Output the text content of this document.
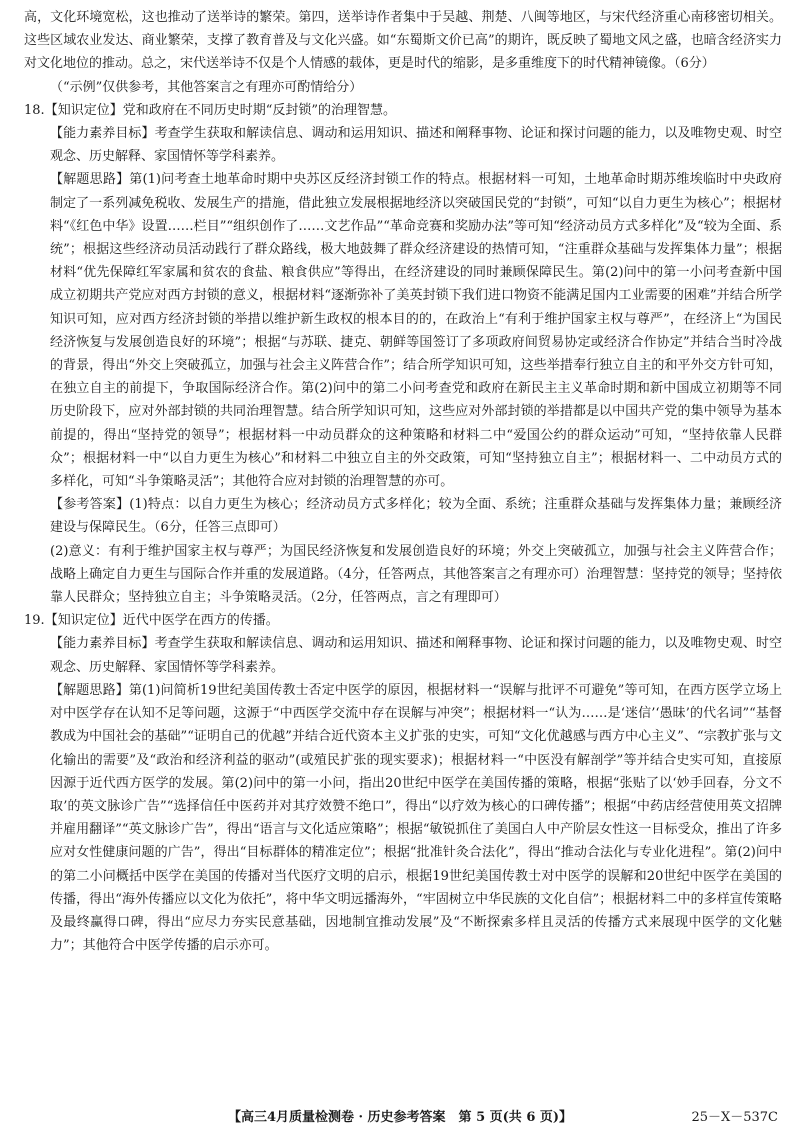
高，文化环境宽松，这也推动了送举诗的繁荣。第四，送举诗作者集中于吴越、荆楚、八闽等地区，与宋代经济重心南移密切相关。这些区域农业发达、商业繁荣，支撑了教育普及与文化兴盛。如“东蜀斯文价已高”的期许，既反映了蜀地文风之盛，也暗含经济实力对文化地位的推动。总之，宋代送举诗不仅是个人情感的载体，更是时代的缩影，是多重维度下的时代精神镜像。（6分）

（“示例”仅供参考，其他答案言之有理亦可酌情给分）

18.【知识定位】党和政府在不同历史时期“反封锁”的治理智慧。

【能力素养目标】考查学生获取和解读信息、调动和运用知识、描述和阐释事物、论证和探讨问题的能力，以及唯物史观、时空观念、历史解释、家国情怀等学科素养。

【解题思路】第(1)问考查土地革命时期中央苏区反经济封锁工作的特点。根据材料一可知，土地革命时期苏维埃临时中央政府制定了一系列减免税收、发展生产的措施，借此独立发展根据地经济以突破国民党的“封锁”，可知“以自力更生为核心”；根据材料“《红色中华》设置……栏目”“组织创作了……文艺作品”“革命竞赛和奖励办法”等可知“经济动员方式多样化”及“较为全面、系统”；根据这些经济动员活动践行了群众路线，极大地鼓舞了群众经济建设的热情可知，“注重群众基础与发挥集体力量”；根据材料“优先保障红军家属和贫农的食盐、粮食供应”等得出，在经济建设的同时兼顾保障民生。第(2)问中的第一小问考查新中国成立初期共产党应对西方封锁的意义，根据材料“逐渐弥补了美英封锁下我们进口物资不能满足国内工业需要的困难”并结合所学知识可知，应对西方经济封锁的举措以维护新生政权的根本目的的，在政治上“有利于维护国家主权与尊严”，在经济上“为国民经济恢复与发展创造良好的环境”；根据“与苏联、捷克、朝鲜等国签订了多项政府间贸易协定或经济合作协定”并结合当时冷战的背景，得出“外交上突破孤立，加强与社会主义阵营合作”；结合所学知识可知，这些举措奉行独立自主的和平外交方针可知，在独立自主的前提下，争取国际经济合作。第(2)问中的第二小问考查党和政府在新民主主义革命时期和新中国成立初期等不同历史阶段下，应对外部封锁的共同治理智慧。结合所学知识可知，这些应对外部封锁的举措都是以中国共产党的集中领导为基本前提的，得出“坚持党的领导”；根据材料一中动员群众的这种策略和材料二中“爱国公约的群众运动”可知，“坚持依靠人民群众”；根据材料一中“以自力更生为核心”和材料二中独立自主的外交政策，可知“坚持独立自主”；根据材料一、二中动员方式的多样化，可知“斗争策略灵活”；其他符合应对封锁的治理智慧的亦可。

【参考答案】(1)特点：以自力更生为核心；经济动员方式多样化；较为全面、系统；注重群众基础与发挥集体力量；兼顾经济建设与保障民生。（6分，任答三点即可）

(2)意义：有利于维护国家主权与尊严；为国民经济恢复和发展创造良好的环境；外交上突破孤立，加强与社会主义阵营合作；战略上确定自力更生与国际合作并重的发展道路。（4分，任答两点，其他答案言之有理亦可）治理智慧：坚持党的领导；坚持依靠人民群众；坚持独立自主；斗争策略灵活。（2分，任答两点，言之有理即可）

19.【知识定位】近代中医学在西方的传播。

【能力素养目标】考查学生获取和解读信息、调动和运用知识、描述和阐释事物、论证和探讨问题的能力，以及唯物史观、时空观念、历史解释、家国情怀等学科素养。

【解题思路】第(1)问简析19世纪美国传教士否定中医学的原因，根据材料一“误解与批评不可避免”等可知，在西方医学立场上对中医学存在认知不足等问题，这源于“中西医学交流中存在误解与冲突”；根据材料一“认为……是‘迷信’‘愚昧’的代名词”“基督教成为中国社会的基础”“证明自己的优越”并结合近代资本主义扩张的史实，可知“文化优越感与西方中心主义”、“宗教扩张与文化输出的需要”及“政治和经济利益的驱动”(或殖民扩张的现实要求)；根据材料一“中医没有解剖学”等并结合史实可知，直接原因源于近代西方医学的发展。第(2)问中的第一小问，指出20世纪中医学在美国传播的策略，根据“张贴了以‘妙手回春，分文不取’的英文脉诊广告”“选择信任中医药并对其疗效赞不绝口”，得出“以疗效为核心的口碑传播”；根据“中药店经营使用英文招牌并雇用翻译”“英文脉诊广告”，得出“语言与文化适应策略”；根据“敏锐抓住了美国白人中产阶层女性这一目标受众，推出了许多应对女性健康问题的广告”，得出“目标群体的精准定位”；根据“批准针灸合法化”，得出“推动合法化与专业化进程”。第(2)问中的第二小问概括中医学在美国的传播对当代医疗文明的启示，根据19世纪美国传教士对中医学的误解和20世纪中医学在美国的传播，得出“海外传播应以文化为依托”，将中华文明远播海外，“牢固树立中华民族的文化自信”；根据材料二中的多样宣传策略及最终赢得口碑，得出“应尽力夯实民意基础，因地制宜推动发展”及“不断探索多样且灵活的传播方式来展现中医学的文化魅力”；其他符合中医学传播的启示亦可。

【高三4月质量检测卷 · 历史参考答案　第 5 页(共 6 页)】	25－X－537C
